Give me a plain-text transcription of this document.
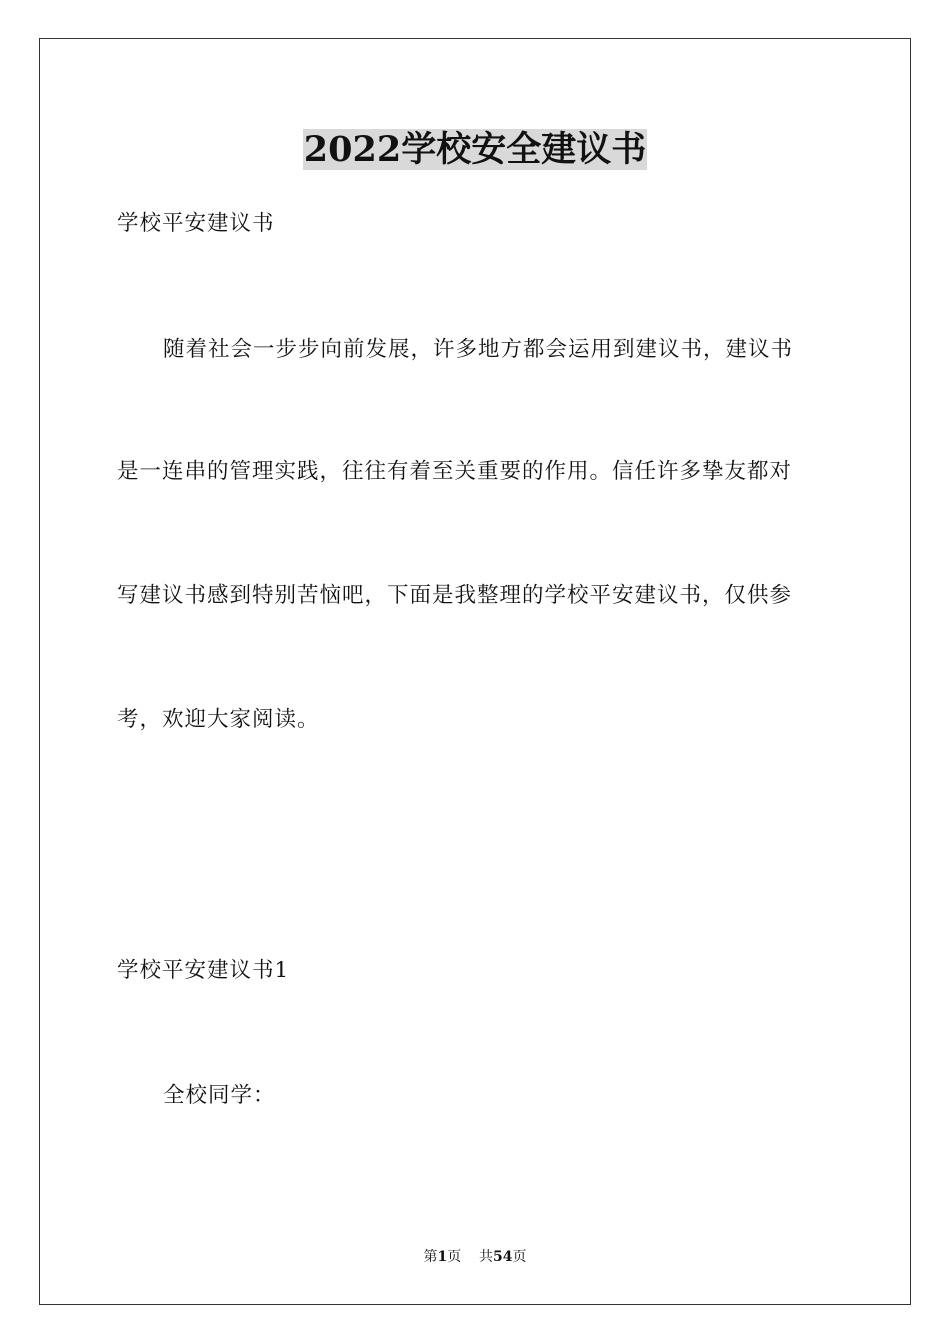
2022学校安全建议书
学校平安建议书
随着社会一步步向前发展，许多地方都会运用到建议书，建议书
是一连串的管理实践，往往有着至关重要的作用。信任许多挚友都对
写建议书感到特别苦恼吧，下面是我整理的学校平安建议书，仅供参
考，欢迎大家阅读。
学校平安建议书1
全校同学：
第1页 共54页
